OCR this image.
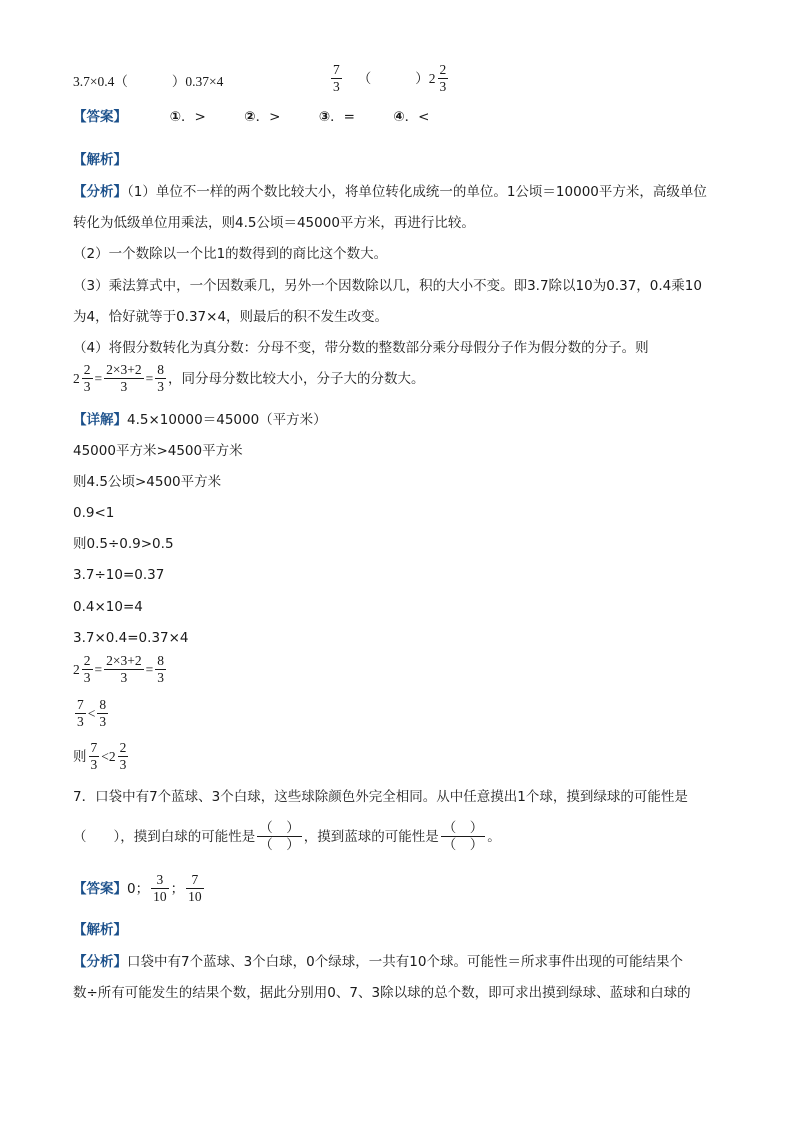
3.7×0.4（	）0.37×4	$\frac{7}{3}$ （	）$2 \frac{2}{3}$
【答案】	①．>	②．>	③．=	④．<
【解析】
【分析】（1）单位不一样的两个数比较大小，将单位转化成统一的单位。1公顷＝10000平方米，高级单位
转化为低级单位用乘法，则4.5公顷＝45000平方米，再进行比较。
（2）一个数除以一个比1的数得到的商比这个数大。
（3）乘法算式中，一个因数乘几，另外一个因数除以几，积的大小不变。即3.7除以10为0.37，0.4乘10
为4，恰好就等于0.37×4，则最后的积不发生改变。
（4）将假分数转化为真分数：分母不变，带分数的整数部分乘分母假分子作为假分数的分子。则
$2 \frac{2}{3} = \frac{2\times 3+2}{3} = \frac{8}{3}$ ，同分母分数比较大小，分子大的分数大。
【详解】4.5×10000＝45000（平方米）
45000平方米>4500平方米
则4.5公顷>4500平方米
0.9<1
则0.5÷0.9>0.5
3.7÷10=0.37
0.4×10=4
3.7×0.4=0.37×4
$2 \frac{2}{3} = \frac{2\times 3+2}{3} = \frac{8}{3}$
$\frac{7}{3} < \frac{8}{3}$
则 $\frac{7}{3} < 2 \frac{2}{3}$
7．口袋中有7个蓝球、3个白球，这些球除颜色外完全相同。从中任意摸出1个球，摸到绿球的可能性是
（　　），摸到白球的可能性是 $\frac{( )}{( )}$ ，摸到蓝球的可能性是 $\frac{( )}{( )}$ 。
【答案】 0； $\frac{3}{10}$ ； $\frac{7}{10}$
【解析】
【分析】口袋中有7个蓝球、3个白球，0个绿球，一共有10个球。可能性＝所求事件出现的可能结果个
数÷所有可能发生的结果个数，据此分别用0、7、3除以球的总个数，即可求出摸到绿球、蓝球和白球的
